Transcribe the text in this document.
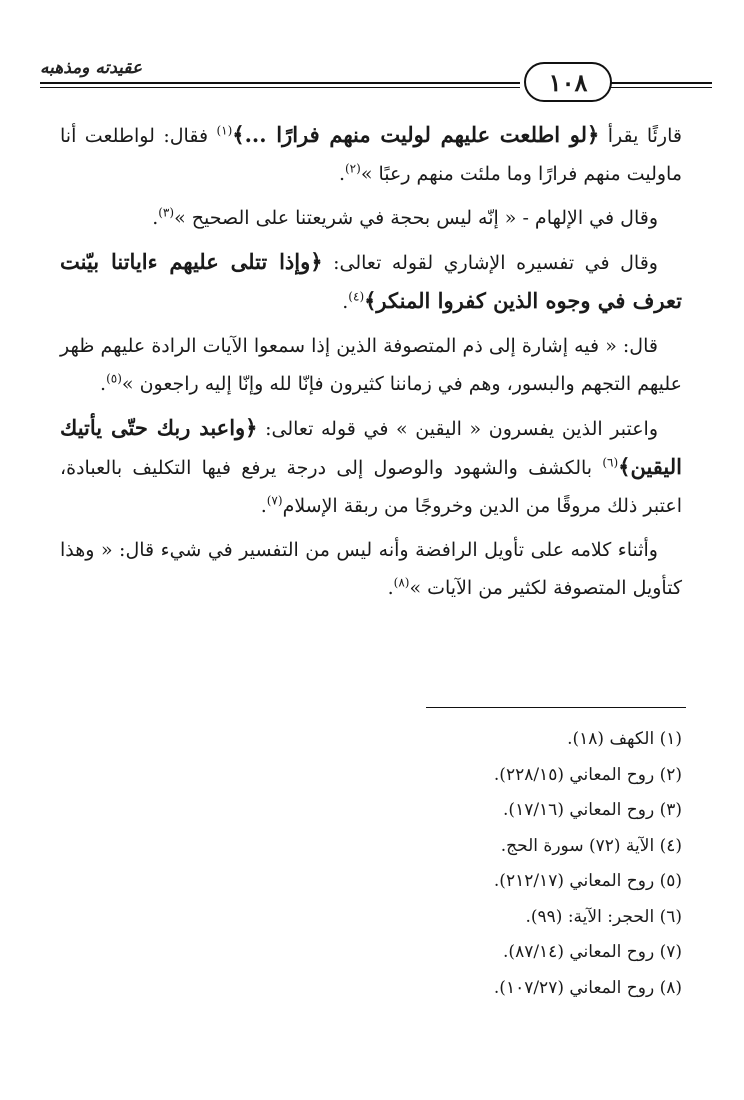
عقيدته ومذهبه	١٠٨

قارئًا يقرأ ﴿لو اطلعت عليهم لوليت منهم فرارًا ...﴾$^{(١)}$ فقال: لواطلعت أنا ماوليت منهم فرارًا وما ملئت منهم رعبًا »$^{(٢)}$.

وقال في الإلهام - « إنّه ليس بحجة في شريعتنا على الصحيح »$^{(٣)}$.

وقال في تفسيره الإشاري لقوله تعالى: ﴿وإذا تتلى عليهم ءاياتنا بيّنت تعرف في وجوه الذين كفروا المنكر﴾$^{(٤)}$.

قال: « فيه إشارة إلى ذم المتصوفة الذين إذا سمعوا الآيات الرادة عليهم ظهر عليهم التجهم والبسور، وهم في زماننا كثيرون فإنّا لله وإنّا إليه راجعون »$^{(٥)}$.

واعتبر الذين يفسرون « اليقين » في قوله تعالى: ﴿واعبد ربك حتّى يأتيك اليقين﴾$^{(٦)}$ بالكشف والشهود والوصول إلى درجة يرفع فيها التكليف بالعبادة، اعتبر ذلك مروقًا من الدين وخروجًا من ربقة الإسلام$^{(٧)}$.

وأثناء كلامه على تأويل الرافضة وأنه ليس من التفسير في شيء قال: « وهذا كتأويل المتصوفة لكثير من الآيات »$^{(٨)}$.

(١) الكهف (١٨).
(٢) روح المعاني (٢٢٨/١٥).
(٣) روح المعاني (١٧/١٦).
(٤) الآية (٧٢) سورة الحج.
(٥) روح المعاني (٢١٢/١٧).
(٦) الحجر: الآية: (٩٩).
(٧) روح المعاني (٨٧/١٤).
(٨) روح المعاني (١٠٧/٢٧).
